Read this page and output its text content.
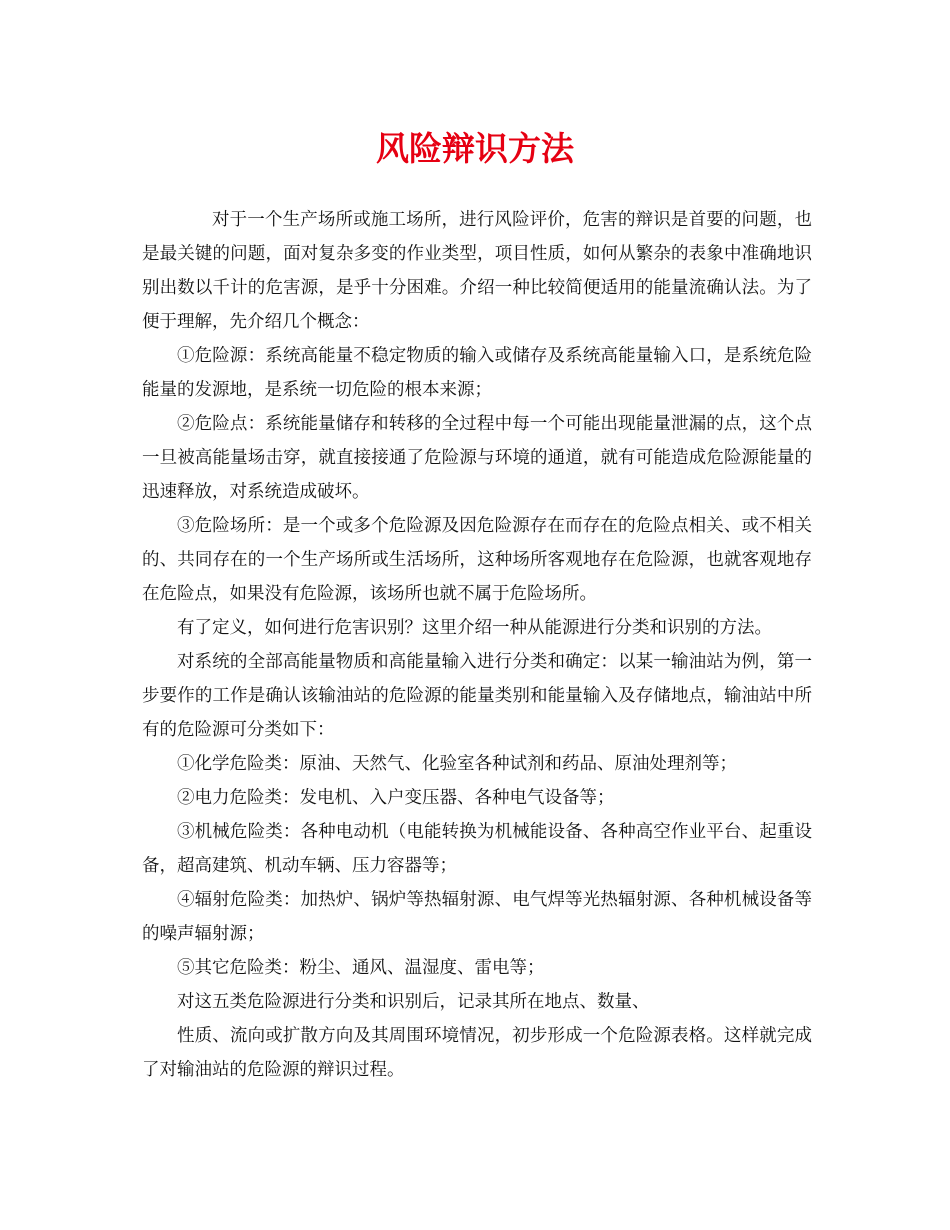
风险辩识方法

对于一个生产场所或施工场所，进行风险评价，危害的辩识是首要的问题，也是最关键的问题，面对复杂多变的作业类型，项目性质，如何从繁杂的表象中准确地识别出数以千计的危害源，是乎十分困难。介绍一种比较简便适用的能量流确认法。为了便于理解，先介绍几个概念：

①危险源：系统高能量不稳定物质的输入或储存及系统高能量输入口，是系统危险能量的发源地，是系统一切危险的根本来源；

②危险点：系统能量储存和转移的全过程中每一个可能出现能量泄漏的点，这个点一旦被高能量场击穿，就直接接通了危险源与环境的通道，就有可能造成危险源能量的迅速释放，对系统造成破坏。

③危险场所：是一个或多个危险源及因危险源存在而存在的危险点相关、或不相关的、共同存在的一个生产场所或生活场所，这种场所客观地存在危险源，也就客观地存在危险点，如果没有危险源，该场所也就不属于危险场所。

有了定义，如何进行危害识别？这里介绍一种从能源进行分类和识别的方法。

对系统的全部高能量物质和高能量输入进行分类和确定：以某一输油站为例，第一步要作的工作是确认该输油站的危险源的能量类别和能量输入及存储地点，输油站中所有的危险源可分类如下：

①化学危险类：原油、天然气、化验室各种试剂和药品、原油处理剂等；

②电力危险类：发电机、入户变压器、各种电气设备等；

③机械危险类：各种电动机（电能转换为机械能设备、各种高空作业平台、起重设备，超高建筑、机动车辆、压力容器等；

④辐射危险类：加热炉、锅炉等热辐射源、电气焊等光热辐射源、各种机械设备等的噪声辐射源；

⑤其它危险类：粉尘、通风、温湿度、雷电等；

对这五类危险源进行分类和识别后，记录其所在地点、数量、

性质、流向或扩散方向及其周围环境情况，初步形成一个危险源表格。这样就完成了对输油站的危险源的辩识过程。
